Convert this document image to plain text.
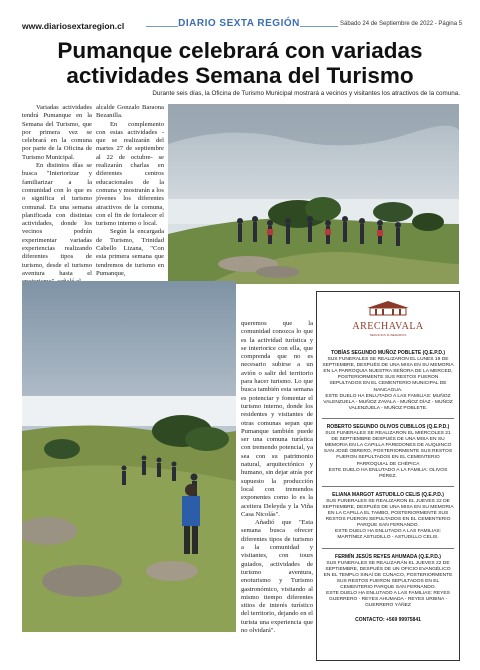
www.diariosextaregion.cl	DIARIO SEXTA REGIÓN	Sábado 24 de Septiembre de 2022 - Página 5
Pumanque celebrará con variadas
actividades Semana del Turismo
Durante seis días, la Oficina de Turismo Municipal mostrará a vecinos y visitantes los atractivos de la comuna.

Variadas actividades tendrá Pumanque en la Semana del Turismo, que por primera vez se celebrará en la comuna por parte de la Oficina de Turismo Municipal.

En distintos días se busca "Interiorizar y familiarizar a la comunidad con lo que es o significa el turismo comunal. Es una semana planificada con distintas actividades, donde los vecinos podrán experimentar variadas experiencias realizando diferentes tipos de turismo, desde el turismo aventura hasta el

alcalde Gonzalo Baraona Bezanilla.

En complemento con estas actividades -que se realizarán del martes 27 de septiembre al 22 de octubre- se realizarán charlas en diferentes centros educacionales de la comuna y mostrarán a los jóvenes los diferentes atractivos de la comuna, con el fin de fortalecer el turismo interno o local.

Según la encargada de Turismo, Trinidad Cabello Lizana, "Con esta primera semana que tendremos de turismo en Pumanque,

queremos que la comunidad conozca lo que es la actividad turística y se interiorice con ella, que comprenda que no es necesario subirse a un avión o salir del territorio para hacer turismo. Lo que busca también esta semana es potenciar y fomentar el turismo interno, donde los residentes y visitantes de otras comunas sepan que Pumanque también puede ser una comuna turística con tremendo potencial, ya sea con su patrimonio natural, arquitectónico y humano, sin dejar atrás por supuesto la producción local con tremendos exponentes como lo es la aceitera Deleyda y la Viña Casa Nicolás".

Añadió que "Esta semana busca ofrecer diferentes tipos de turismo a la comunidad y visitantes, con tours guiados, actividades de turismo aventura, enoturismo y Turismo gastronómico, visitando al mismo tiempo diferentes sitios de interés turístico del territorio, dejando en el turista una experiencia que no olvidará".

ARECHAVALA
SERVICIOS FUNERARIOS
TOBÍAS SEGUNDO MUÑOZ POBLETE (Q.E.P.D.)

SUS FUNERALES SE REALIZARON EL LUNES 19 DE SEPTIEMBRE, DESPUÉS DE UNA MISA EN SU MEMORIA EN LA PARROQUIA NUESTRA SEÑORA DE LA MERCED, POSTERIORMENTE SUS RESTOS FUERON SEPULTADOS EN EL CEMENTERIO MUNICIPAL DE NANCAGUA.

ESTE DUELO HA ENLUTADO A LAS FAMILIAS: MUÑOZ VALENZUELA - MUÑOZ ZAVALA - MUÑOZ DÍAZ - MUÑOZ VALENZUELA - MUÑOZ POBLETE.

ROBERTO SEGUNDO OLIVOS CUBILLOS (Q.E.P.D.)

SUS FUNERALES SE REALIZARON EL MIÉRCOLES 21 DE SEPTIEMBRE DESPUÉS DE UNA MISA EN SU MEMORIA EN LA CAPILLA PAREDONES DE AUQUINCO SAN JOSÉ OBRERO, POSTERIORMENTE SUS RESTOS FUERON SEPULTADOS EN EL CEMENTERIO PARROQUIAL DE CHÉPICA

ESTE DUELO HA ENLUTADO A LA FAMILIA: OLIVOS PÉREZ.

ELIANA MARGOT ASTUDILLO CELIS (Q.E.P.D.)

SUS FUNERALES SE REALIZARON EL JUEVES 22 DE SEPTIEMBRE, DESPUÉS DE UNA MISA EN SU MEMORIA EN LA CAPILLA EL TAMBO, POSTERIORMENTE SUS RESTOS FUERON SEPULTADOS EN EL CEMENTERIO PARQUE SAN FERNANDO.

ESTE DUELO HA ENLUTADO A LAS FAMILIAS: MARTÍNEZ ASTUDILLO - ASTUDILLO CELIS.

FERMÍN JESÚS REYES AHUMADA (Q.E.P.D.)

SUS FUNERALES SE REALIZARÁN EL JUEVES 22 DE SEPTIEMBRE, DESPUÉS DE UN OFICIO EVANGÉLICO EN EL TEMPLO SINAÍ DE CUNACO, POSTERIORMENTE SUS RESTOS FUERON SEPULTADOS EN EL CEMENTERIO PARQUE SAN FERNANDO.

ESTE DUELO HA ENLUTADO A LAS FAMILIAS: REYES GUERRERO - REYES AHUMADA - REYES URBINA - GUERRERO YÁÑEZ

CONTACTO: +569 99975841
